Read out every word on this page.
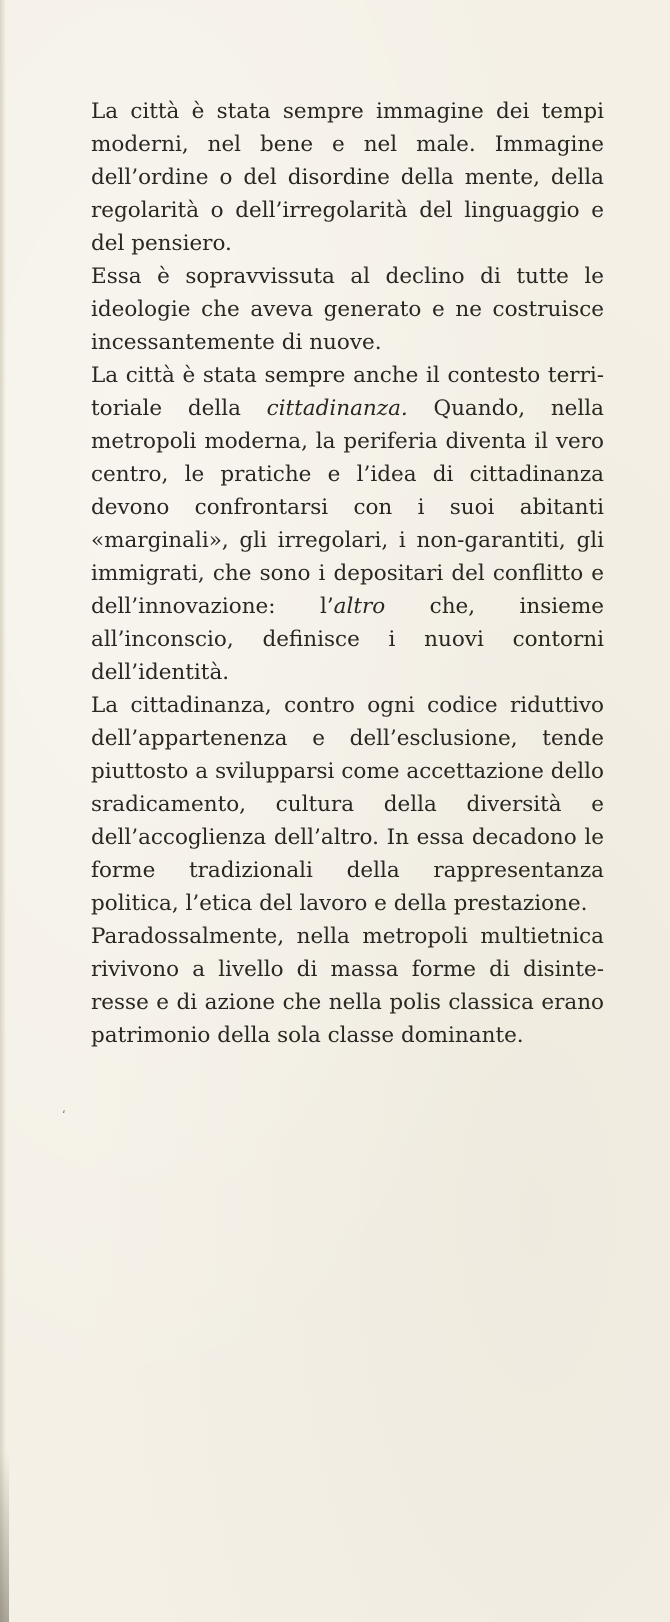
La città è stata sempre immagine dei tempi moderni, nel bene e nel male. Immagine dell’ordine o del disordine della mente, della regolarità o dell’irregolarità del linguaggio e del pensiero.

Essa è sopravvissuta al declino di tutte le ideologie che aveva generato e ne costruisce incessantemente di nuove.

La città è stata sempre anche il contesto territoriale della cittadinanza. Quando, nella metropoli moderna, la periferia diventa il vero centro, le pratiche e l’idea di cittadinanza devono confrontarsi con i suoi abitanti «marginali», gli irregolari, i non-garantiti, gli immigrati, che sono i depositari del conflitto e dell’innovazione: l’altro che, insieme all’inconscio, definisce i nuovi contorni dell’identità.

La cittadinanza, contro ogni codice riduttivo dell’appartenenza e dell’esclusione, tende piuttosto a svilupparsi come accettazione dello sradicamento, cultura della diversità e dell’accoglienza dell’altro. In essa decadono le forme tradizionali della rappresentanza politica, l’etica del lavoro e della prestazione.

Paradossalmente, nella metropoli multietnica rivivono a livello di massa forme di disinteresse e di azione che nella polis classica erano patrimonio della sola classe dominante.

‘
